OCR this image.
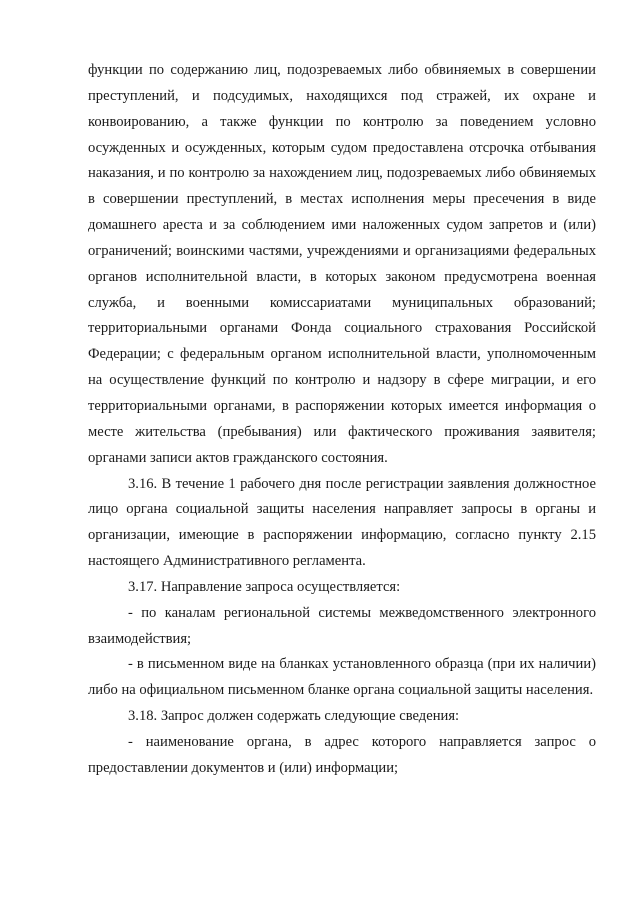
функции по содержанию лиц, подозреваемых либо обвиняемых в совершении преступлений, и подсудимых, находящихся под стражей, их охране и конвоированию, а также функции по контролю за поведением условно осужденных и осужденных, которым судом предоставлена отсрочка отбывания наказания, и по контролю за нахождением лиц, подозреваемых либо обвиняемых в совершении преступлений, в местах исполнения меры пресечения в виде домашнего ареста и за соблюдением ими наложенных судом запретов и (или) ограничений; воинскими частями, учреждениями и организациями федеральных органов исполнительной власти, в которых законом предусмотрена военная служба, и военными комиссариатами муниципальных образований; территориальными органами Фонда социального страхования Российской Федерации; с федеральным органом исполнительной власти, уполномоченным на осуществление функций по контролю и надзору в сфере миграции, и его территориальными органами, в распоряжении которых имеется информация о месте жительства (пребывания) или фактического проживания заявителя; органами записи актов гражданского состояния.

3.16. В течение 1 рабочего дня после регистрации заявления должностное лицо органа социальной защиты населения направляет запросы в органы и организации, имеющие в распоряжении информацию, согласно пункту 2.15 настоящего Административного регламента.

3.17. Направление запроса осуществляется:

- по каналам региональной системы межведомственного электронного взаимодействия;

- в письменном виде на бланках установленного образца (при их наличии) либо на официальном письменном бланке органа социальной защиты населения.

3.18. Запрос должен содержать следующие сведения:

- наименование органа, в адрес которого направляется запрос о предоставлении документов и (или) информации;
